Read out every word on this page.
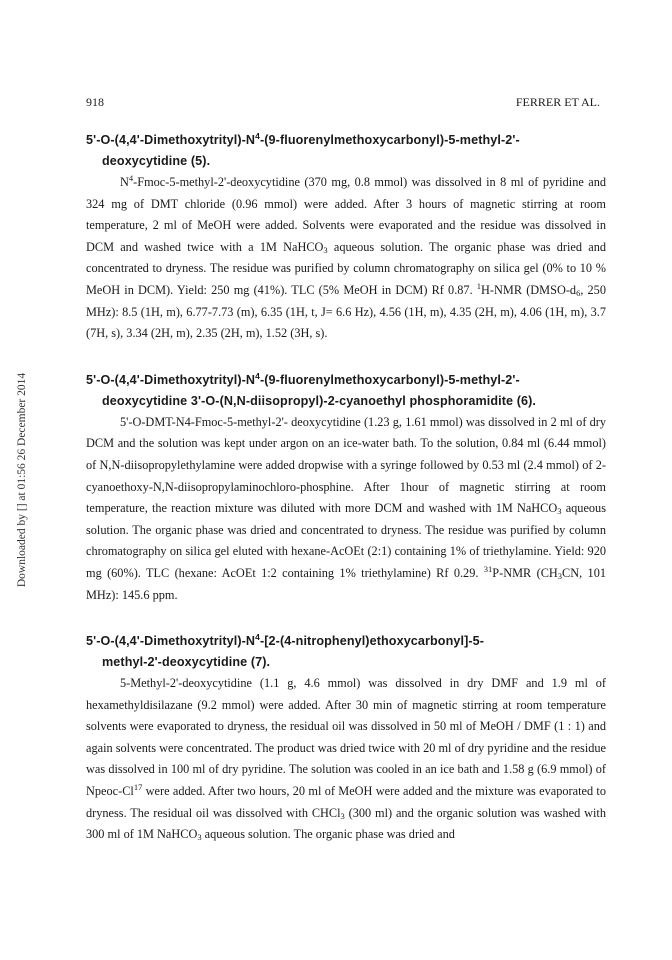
918	FERRER ET AL.
Downloaded by [] at 01:56 26 December 2014
$5'-O-(4,4'-Dimethoxytrityl)-N^4-(9-fluorenylmethoxycarbonyl)-5-methyl-2'-$
deoxycytidine (5).

$N^4-Fmoc-5-methyl-2'$-deoxycytidine (370 mg, 0.8 mmol) was dissolved in 8 ml of pyridine and 324 mg of DMT chloride (0.96 mmol) were added. After 3 hours of magnetic stirring at room temperature, 2 ml of MeOH were added. Solvents were evaporated and the residue was dissolved in DCM and washed twice with a 1M NaHCO$_3$ aqueous solution. The organic phase was dried and concentrated to dryness. The residue was purified by column chromatography on silica gel (0% to 10 % MeOH in DCM). Yield: 250 mg (41%). TLC (5% MeOH in DCM) Rf 0.87. $^1$H-NMR ($DMSO-d_6$, 250 MHz): 8.5 (1H, m), 6.77-7.73 (m), 6.35 (1H, t, J= 6.6 Hz), 4.56 (1H, m), 4.35 (2H, m), 4.06 (1H, m), 3.7 (7H, s), 3.34 (2H, m), 2.35 (2H, m), 1.52 (3H, s).

$5'-O-(4,4'-Dimethoxytrityl)-N^4-(9-fluorenylmethoxycarbonyl)-5-methyl-2'-$
deoxycytidine 3'-O-(N,N-diisopropyl)-2-cyanoethyl phosphoramidite (6).

5'-O-DMT-N4-Fmoc-5-methyl-2'- deoxycytidine (1.23 g, 1.61 mmol) was dissolved in 2 ml of dry DCM and the solution was kept under argon on an ice-water bath. To the solution, 0.84 ml (6.44 mmol) of N,N-diisopropylethylamine were added dropwise with a syringe followed by 0.53 ml (2.4 mmol) of 2-cyanoethoxy-N,N-diisopropylaminochloro-phosphine. After 1hour of magnetic stirring at room temperature, the reaction mixture was diluted with more DCM and washed with 1M NaHCO$_3$ aqueous solution. The organic phase was dried and concentrated to dryness. The residue was purified by column chromatography on silica gel eluted with hexane-AcOEt (2:1) containing 1% of triethylamine. Yield: 920 mg (60%). TLC (hexane: AcOEt 1:2 containing 1% triethylamine) Rf 0.29. $^{31}$P-NMR ($CH_3CN$, 101 MHz): 145.6 ppm.

$5'-O-(4,4'-Dimethoxytrityl)-N^4-[2-(4-nitrophenyl)ethoxycarbonyl]-5-$
methyl-2'-deoxycytidine (7).

5-Methyl-2'-deoxycytidine (1.1 g, 4.6 mmol) was dissolved in dry DMF and 1.9 ml of hexamethyldisilazane (9.2 mmol) were added. After 30 min of magnetic stirring at room temperature solvents were evaporated to dryness, the residual oil was dissolved in 50 ml of MeOH / DMF (1 : 1) and again solvents were concentrated. The product was dried twice with 20 ml of dry pyridine and the residue was dissolved in 100 ml of dry pyridine. The solution was cooled in an ice bath and 1.58 g (6.9 mmol) of Npeoc-Cl$^{17}$ were added. After two hours, 20 ml of MeOH were added and the mixture was evaporated to dryness. The residual oil was dissolved with CHCl$_3$ (300 ml) and the organic solution was washed with 300 ml of 1M NaHCO$_3$ aqueous solution. The organic phase was dried and
